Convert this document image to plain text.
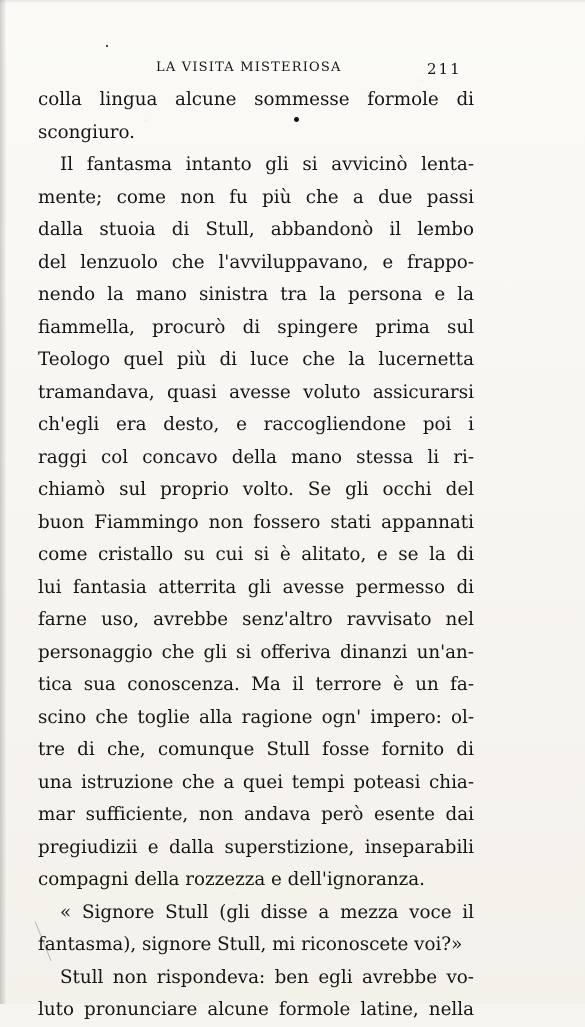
LA VISITA MISTERIOSA	211
colla lingua alcune sommesse formole di
scongiuro.
Il fantasma intanto gli si avvicinò lenta-
mente; come non fu più che a due passi
dalla stuoia di Stull, abbandonò il lembo
del lenzuolo che l'avviluppavano, e frappo-
nendo la mano sinistra tra la persona e la
fiammella, procurò di spingere prima sul
Teologo quel più di luce che la lucernetta
tramandava, quasi avesse voluto assicurarsi
ch'egli era desto, e raccogliendone poi i
raggi col concavo della mano stessa li ri-
chiamò sul proprio volto. Se gli occhi del
buon Fiammingo non fossero stati appannati
come cristallo su cui si è alitato, e se la di
lui fantasia atterrita gli avesse permesso di
farne uso, avrebbe senz'altro ravvisato nel
personaggio che gli si offeriva dinanzi un'an-
tica sua conoscenza. Ma il terrore è un fa-
scino che toglie alla ragione ogn' impero: ol-
tre di che, comunque Stull fosse fornito di
una istruzione che a quei tempi poteasi chia-
mar sufficiente, non andava però esente dai
pregiudizii e dalla superstizione, inseparabili
compagni della rozzezza e dell'ignoranza.
« Signore Stull (gli disse a mezza voce il
fantasma), signore Stull, mi riconoscete voi?»
Stull non rispondeva: ben egli avrebbe vo-
luto pronunciare alcune formole latine, nella
